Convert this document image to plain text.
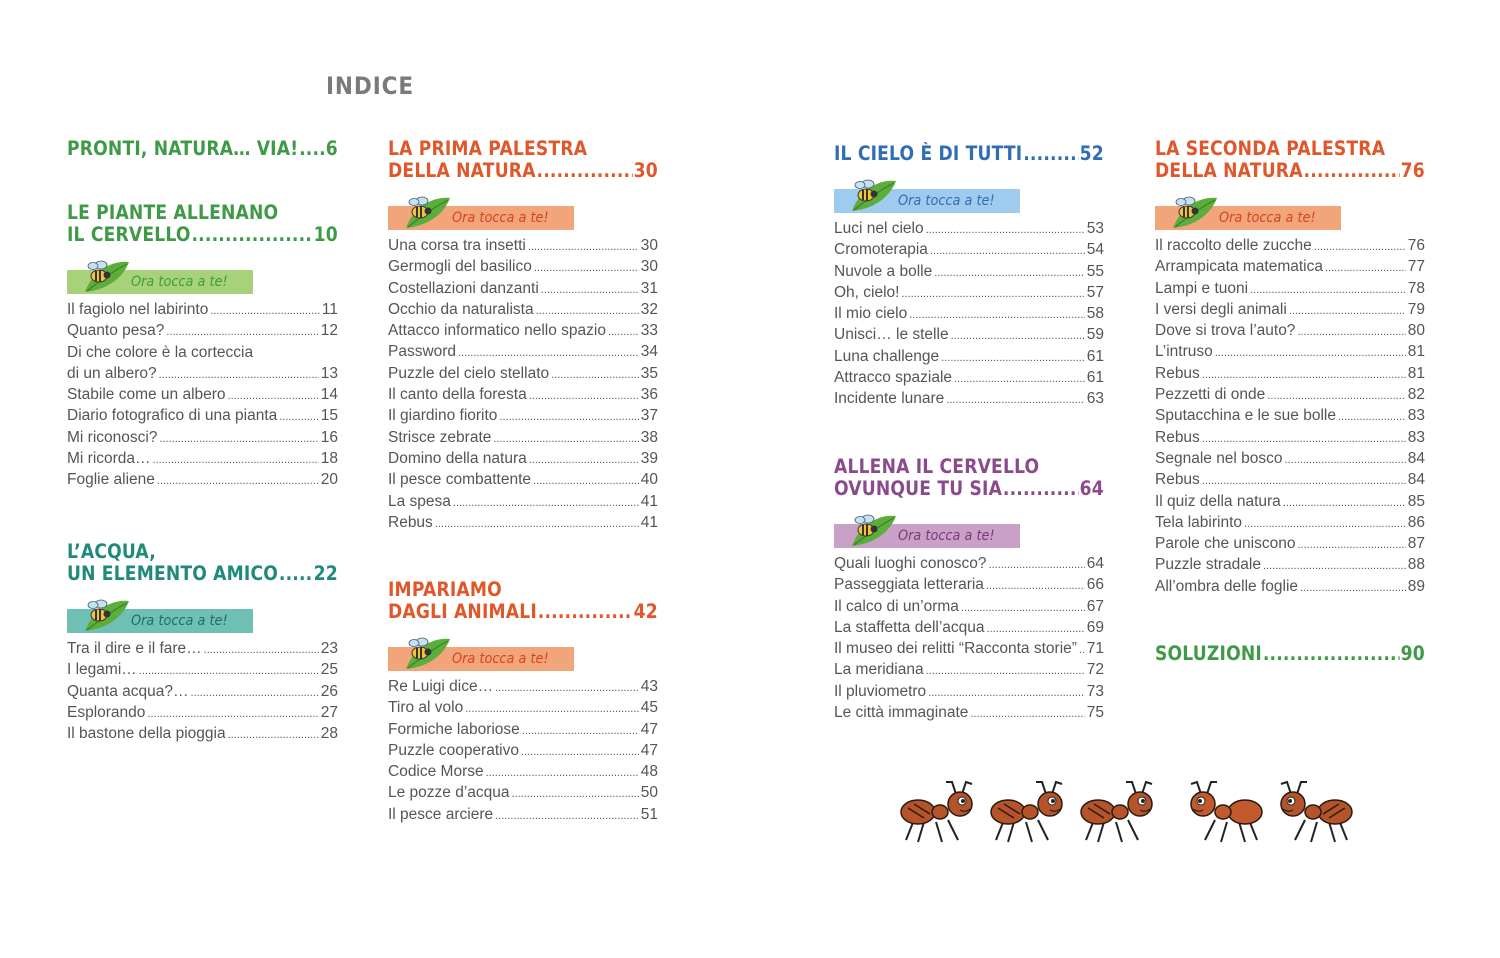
INDICE
PRONTI, NATURA… VIA! ..... 6
LE PIANTE ALLENANO
IL CERVELLO .....	10
Ora tocca a te!
Il fagiolo nel labirinto .....	11
Quanto pesa? .....	12
Di che colore è la corteccia
di un albero? .....	13
Stabile come un albero .....	14
Diario fotografico di una pianta .....	15
Mi riconosci? .....	16
Mi ricorda… .....	18
Foglie aliene .....	20
L’ACQUA,
UN ELEMENTO AMICO ..... 22
Ora tocca a te!
Tra il dire e il fare… .....	23
I legami… .....	25
Quanta acqua?… .....	26
Esplorando .....	27
Il bastone della pioggia .....	28
LA PRIMA PALESTRA
DELLA NATURA .....	30
Ora tocca a te!
Una corsa tra insetti .....	30
Germogli del basilico .....	30
Costellazioni danzanti .....	31
Occhio da naturalista .....	32
Attacco informatico nello spazio ..... 33
Password .....	34
Puzzle del cielo stellato .....	35
Il canto della foresta .....	36
Il giardino fiorito .....	37
Strisce zebrate .....	38
Domino della natura .....	39
Il pesce combattente .....	40
La spesa .....	41
Rebus .....	41
IMPARIAMO
DAGLI ANIMALI .....	42
Ora tocca a te!
Re Luigi dice… .....	43
Tiro al volo .....	45
Formiche laboriose .....	47
Puzzle cooperativo .....	47
Codice Morse .....	48
Le pozze d’acqua .....	50
Il pesce arciere .....	51
IL CIELO È DI TUTTI .....	52
Ora tocca a te!
Luci nel cielo .....	53
Cromoterapia .....	54
Nuvole a bolle .....	55
Oh, cielo! .....	57
Il mio cielo .....	58
Unisci… le stelle .....	59
Luna challenge .....	61
Attracco spaziale .....	61
Incidente lunare .....	63
ALLENA IL CERVELLO
OVUNQUE TU SIA .....	64
Ora tocca a te!
Quali luoghi conosco? .....	64
Passeggiata letteraria .....	66
Il calco di un’orma .....	67
La staffetta dell’acqua .....	69
Il museo dei relitti “Racconta storie” ..... 71
La meridiana .....	72
Il pluviometro .....	73
Le città immaginate .....	75
LA SECONDA PALESTRA
DELLA NATURA .....	76
Ora tocca a te!
Il raccolto delle zucche .....	76
Arrampicata matematica .....	77
Lampi e tuoni .....	78
I versi degli animali .....	79
Dove si trova l’auto? .....	80
L’intruso .....	81
Rebus .....	81
Pezzetti di onde .....	82
Sputacchina e le sue bolle .....	83
Rebus .....	83
Segnale nel bosco .....	84
Rebus .....	84
Il quiz della natura .....	85
Tela labirinto .....	86
Parole che uniscono .....	87
Puzzle stradale .....	88
All’ombra delle foglie .....	89
SOLUZIONI .....	90
